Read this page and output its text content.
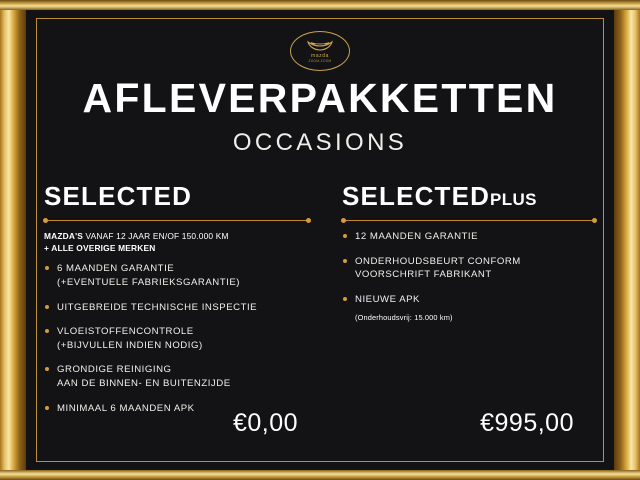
mazda
ZOOM-ZOOM
AFLEVERPAKKETTEN
OCCASIONS
SELECTED
MAZDA'S VANAF 12 JAAR EN/OF 150.000 KM
+ ALLE OVERIGE MERKEN
6 MAANDEN GARANTIE
(+EVENTUELE FABRIEKSGARANTIE)
UITGEBREIDE TECHNISCHE INSPECTIE
VLOEISTOFFENCONTROLE
(+BIJVULLEN INDIEN NODIG)
GRONDIGE REINIGING
AAN DE BINNEN- EN BUITENZIJDE
MINIMAAL 6 MAANDEN APK
SELECTEDPLUS
12 MAANDEN GARANTIE
ONDERHOUDSBEURT CONFORM
VOORSCHRIFT FABRIKANT
NIEUWE APK
(Onderhoudsvrij: 15.000 km)
€0,00	€995,00
